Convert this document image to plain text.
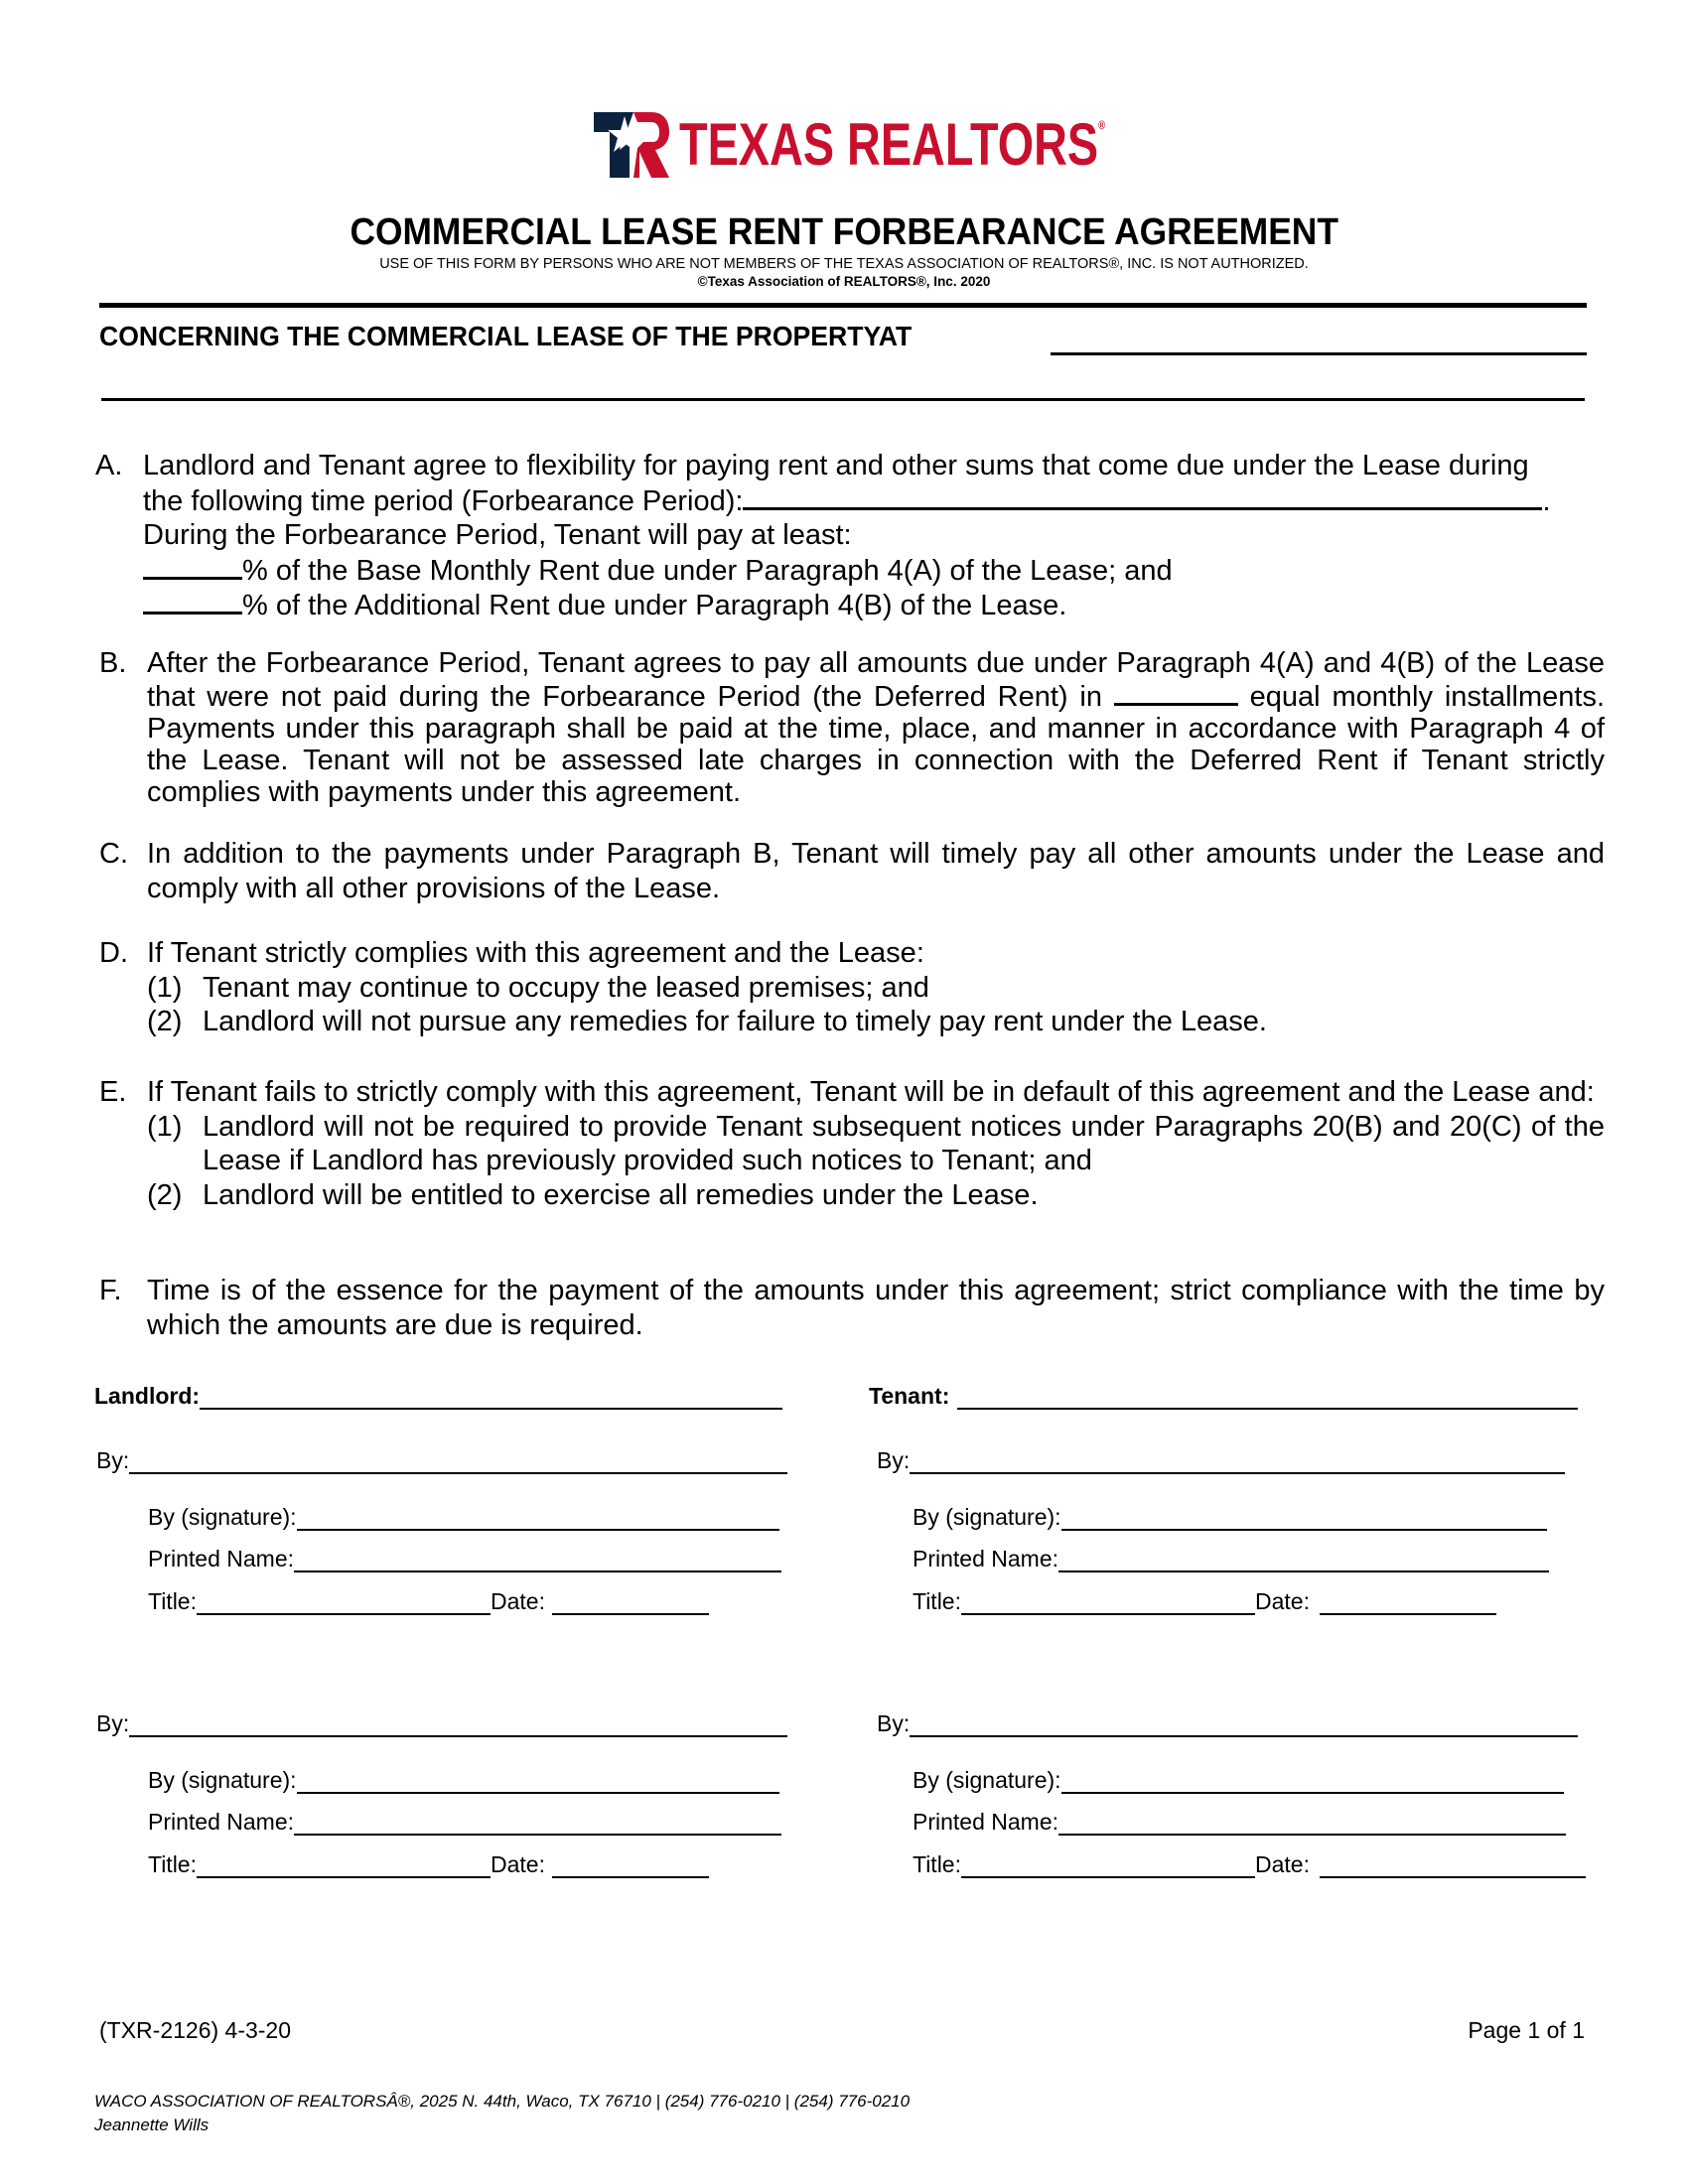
TEXAS REALTORS®
COMMERCIAL LEASE RENT FORBEARANCE AGREEMENT
USE OF THIS FORM BY PERSONS WHO ARE NOT MEMBERS OF THE TEXAS ASSOCIATION OF REALTORS®, INC. IS NOT AUTHORIZED.
©Texas Association of REALTORS®, Inc. 2020
CONCERNING THE COMMERCIAL LEASE OF THE PROPERTYAT
A. Landlord and Tenant agree to flexibility for paying rent and other sums that come due under the Lease during
the following time period (Forbearance Period):	.
During the Forbearance Period, Tenant will pay at least:
% of the Base Monthly Rent due under Paragraph 4(A) of the Lease; and
% of the Additional Rent due under Paragraph 4(B) of the Lease.
B. After the Forbearance Period, Tenant agrees to pay all amounts due under Paragraph 4(A) and 4(B) of the Lease that were not paid during the Forbearance Period (the Deferred Rent) in	equal monthly installments. Payments under this paragraph shall be paid at the time, place, and manner in accordance with Paragraph 4 of the Lease. Tenant will not be assessed late charges in connection with the Deferred Rent if Tenant strictly complies with payments under this agreement.
C. In addition to the payments under Paragraph B, Tenant will timely pay all other amounts under the Lease and comply with all other provisions of the Lease.
D. If Tenant strictly complies with this agreement and the Lease:
(1) Tenant may continue to occupy the leased premises; and
(2) Landlord will not pursue any remedies for failure to timely pay rent under the Lease.
E. If Tenant fails to strictly comply with this agreement, Tenant will be in default of this agreement and the Lease and:
(1) Landlord will not be required to provide Tenant subsequent notices under Paragraphs 20(B) and 20(C) of the Lease if Landlord has previously provided such notices to Tenant; and
(2) Landlord will be entitled to exercise all remedies under the Lease.
F. Time is of the essence for the payment of the amounts under this agreement; strict compliance with the time by which the amounts are due is required.
Landlord :
By:
By (signature):
Printed Name:
Title:	Date:
By:
By (signature):
Printed Name:
Title:	Date:
Tenant :
By:
By (signature):
Printed Name:
Title:	Date:
By:
By (signature):
Printed Name:
Title:	Date:
(TXR-2126) 4-3-20	Page 1 of 1
WACO ASSOCIATION OF REALTORSÂ®, 2025 N. 44th, Waco, TX 76710 | (254) 776-0210 | (254) 776-0210
Jeannette Wills
